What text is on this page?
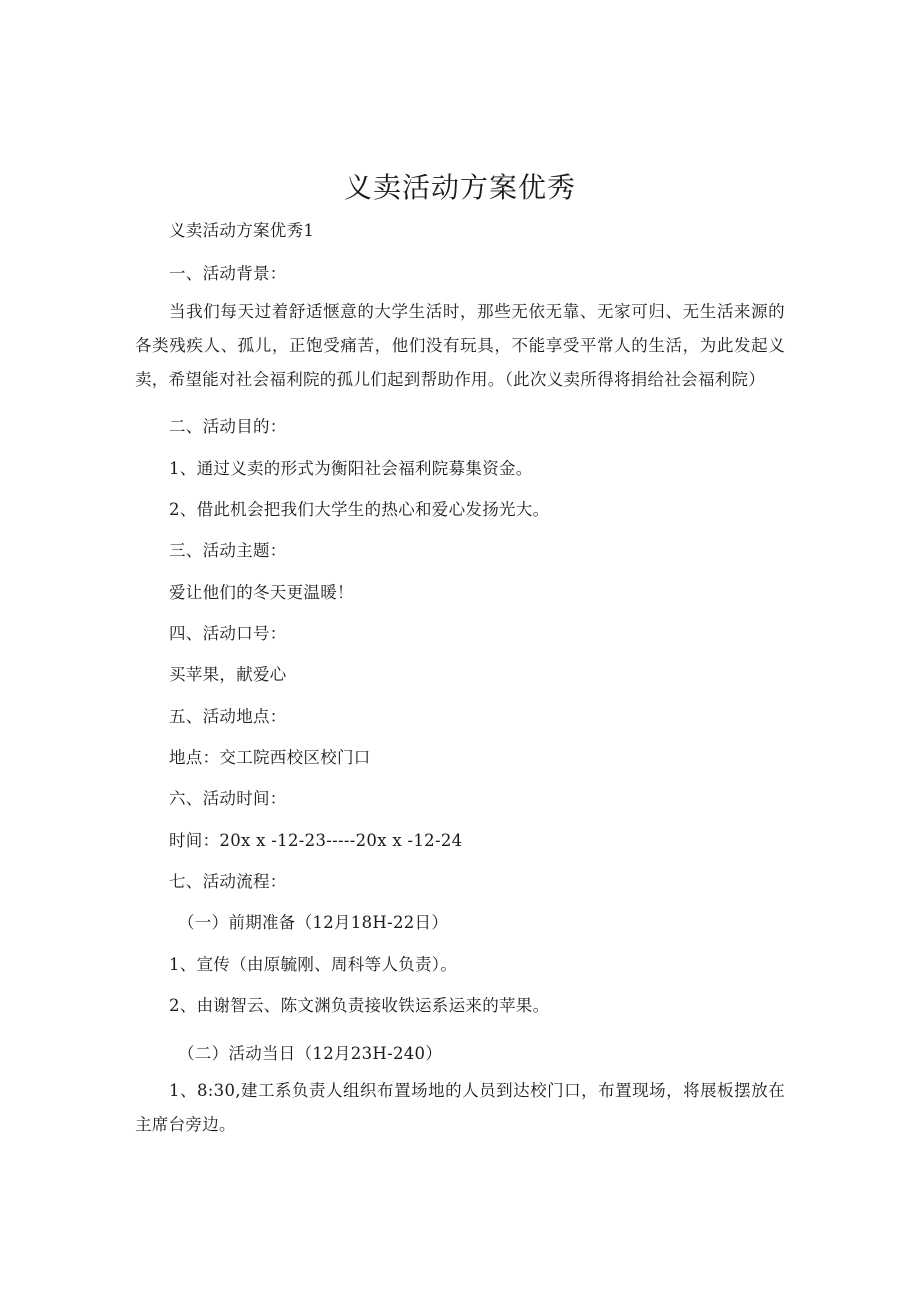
义卖活动方案优秀
义卖活动方案优秀1
一、活动背景：
当我们每天过着舒适惬意的大学生活时，那些无依无靠、无家可归、无生活来源的各类残疾人、孤儿，正饱受痛苦，他们没有玩具，不能享受平常人的生活，为此发起义卖，希望能对社会福利院的孤儿们起到帮助作用。（此次义卖所得将捐给社会福利院）
二、活动目的：
1、通过义卖的形式为衡阳社会福利院募集资金。
2、借此机会把我们大学生的热心和爱心发扬光大。
三、活动主题：
爱让他们的冬天更温暖！
四、活动口号：
买苹果，献爱心
五、活动地点：
地点：交工院西校区校门口
六、活动时间：
时间：20x x -12-23-----20x x -12-24
七、活动流程：
（一）前期准备（12月18H-22日）
1、宣传（由原毓刚、周科等人负责）。
2、由谢智云、陈文渊负责接收铁运系运来的苹果。
（二）活动当日（12月23H-240）
1、8:30,建工系负责人组织布置场地的人员到达校门口，布置现场，将展板摆放在主席台旁边。
